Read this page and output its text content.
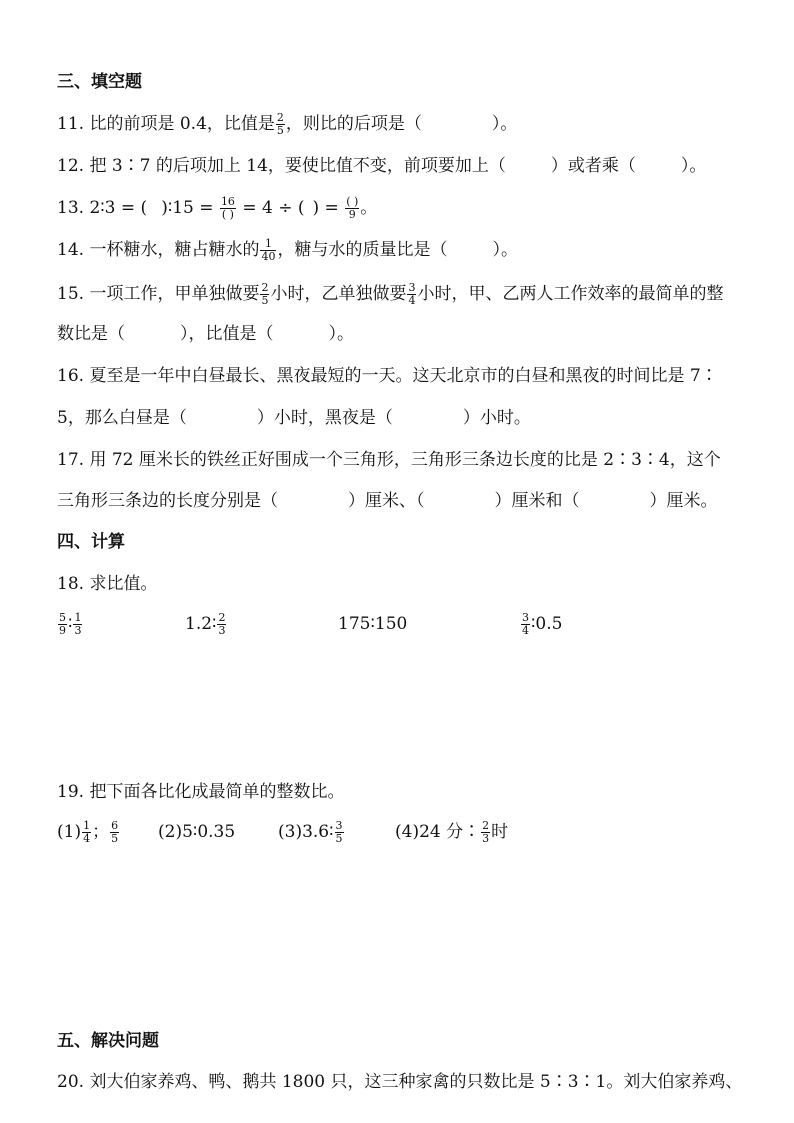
三、填空题
11. 比的前项是 0.4，比值是 $\frac{2}{5}$ ，则比的后项是（	）。
12. 把 3∶7 的后项加上 14，要使比值不变，前项要加上（	）或者乘（	）。
13. 2∶3 = ( )∶15 = $\frac{16}{( )} = 4$ ÷ ( ) = $\frac{( )}{9}$ 。
14. 一杯糖水，糖占糖水的 $\frac{1}{40}$ ，糖与水的质量比是（	）。
15. 一项工作，甲单独做要 $\frac{2}{5}$ 小时，乙单独做要 $\frac{3}{4}$ 小时，甲、乙两人工作效率的最简单的整
数比是（	），比值是（	）。
16. 夏至是一年中白昼最长、黑夜最短的一天。这天北京市的白昼和黑夜的时间比是 7∶
5，那么白昼是（	）小时，黑夜是（	）小时。
17. 用 72 厘米长的铁丝正好围成一个三角形，三角形三条边长度的比是 2∶3∶4，这个
三角形三条边的长度分别是（	）厘米、（	）厘米和（	）厘米。
四、计算
18. 求比值。
$\frac{5}{9}$ ∶ $\frac{1}{3}$	1.2∶ $\frac{2}{3}$	175∶150	$\frac{3}{4}$ ∶0.5
19. 把下面各比化成最简单的整数比。
$(1) \frac{1}{4}$ ； $\frac{6}{5}$ (2)5∶0.35	(3)3.6∶ $\frac{3}{5}$	(4)24 分∶ $\frac{2}{3}$ 时
五、解决问题
20. 刘大伯家养鸡、鸭、鹅共 1800 只，这三种家禽的只数比是 5∶3∶1。刘大伯家养鸡、
